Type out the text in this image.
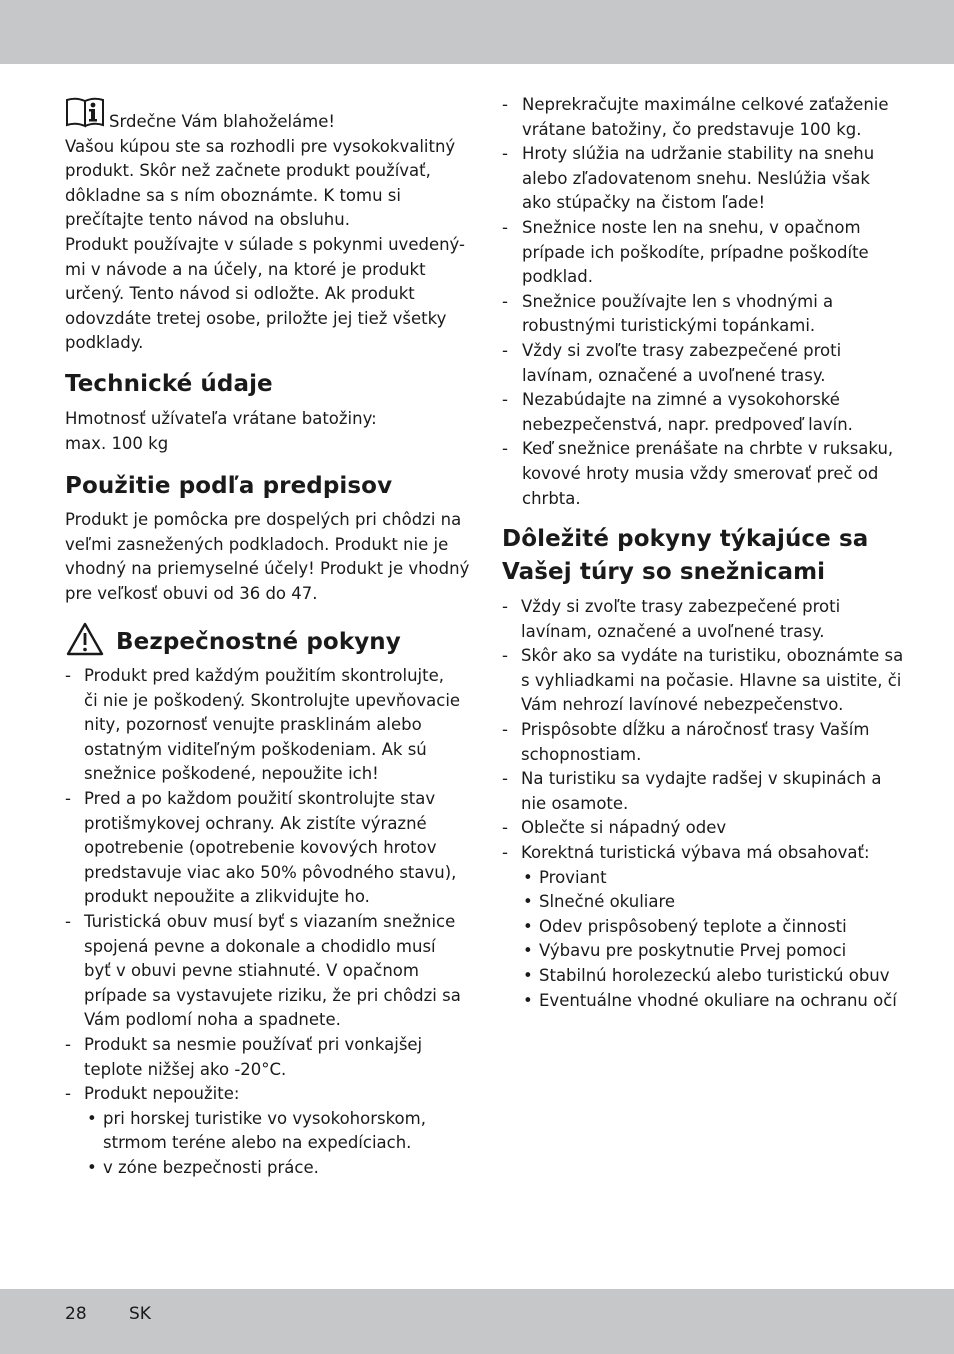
Srdečne Vám blahoželáme!
Vašou kúpou ste sa rozhodli pre vysokokvalitný
produkt. Skôr než začnete produkt používať,
dôkladne sa s ním oboznámte. K tomu si
prečítajte tento návod na obsluhu.
Produkt používajte v súlade s pokynmi uvedený-
mi v návode a na účely, na ktoré je produkt
určený. Tento návod si odložte. Ak produkt
odovzdáte tretej osobe, priložte jej tiež všetky
podklady.
Technické údaje
Hmotnosť užívateľa vrátane batožiny:
max. 100 kg
Použitie podľa predpisov
Produkt je pomôcka pre dospelých pri chôdzi na
veľmi zasnežených podkladoch. Produkt nie je
vhodný na priemyselné účely! Produkt je vhodný
pre veľkosť obuvi od 36 do 47.
Bezpečnostné pokyny
- Produkt pred každým použitím skontrolujte,
či nie je poškodený. Skontrolujte upevňovacie
nity, pozornosť venujte prasklinám alebo
ostatným viditeľným poškodeniam. Ak sú
snežnice poškodené, nepoužite ich!
- Pred a po každom použití skontrolujte stav
protišmykovej ochrany. Ak zistíte výrazné
opotrebenie (opotrebenie kovových hrotov
predstavuje viac ako 50% pôvodného stavu),
produkt nepoužite a zlikvidujte ho.
- Turistická obuv musí byť s viazaním snežnice
spojená pevne a dokonale a chodidlo musí
byť v obuvi pevne stiahnuté. V opačnom
prípade sa vystavujete riziku, že pri chôdzi sa
Vám podlomí noha a spadnete.
- Produkt sa nesmie používať pri vonkajšej
teplote nižšej ako -20°C.
- Produkt nepoužite:
• pri horskej turistike vo vysokohorskom,
strmom teréne alebo na expedíciach.
• v zóne bezpečnosti práce.
- Neprekračujte maximálne celkové zaťaženie
vrátane batožiny, čo predstavuje 100 kg.
- Hroty slúžia na udržanie stability na snehu
alebo zľadovatenom snehu. Neslúžia však
ako stúpačky na čistom ľade!
- Snežnice noste len na snehu, v opačnom
prípade ich poškodíte, prípadne poškodíte
podklad.
- Snežnice používajte len s vhodnými a
robustnými turistickými topánkami.
- Vždy si zvoľte trasy zabezpečené proti
lavínam, označené a uvoľnené trasy.
- Nezabúdajte na zimné a vysokohorské
nebezpečenstvá, napr. predpoveď lavín.
- Keď snežnice prenášate na chrbte v ruksaku,
kovové hroty musia vždy smerovať preč od
chrbta.
Dôležité pokyny týkajúce sa
Vašej túry so snežnicami
- Vždy si zvoľte trasy zabezpečené proti
lavínam, označené a uvoľnené trasy.
- Skôr ako sa vydáte na turistiku, oboznámte sa
s vyhliadkami na počasie. Hlavne sa uistite, či
Vám nehrozí lavínové nebezpečenstvo.
- Prispôsobte dĺžku a náročnosť trasy Vaším
schopnostiam.
- Na turistiku sa vydajte radšej v skupinách a
nie osamote.
- Oblečte si nápadný odev
- Korektná turistická výbava má obsahovať:
• Proviant
• Slnečné okuliare
• Odev prispôsobený teplote a činnosti
• Výbavu pre poskytnutie Prvej pomoci
• Stabilnú horolezeckú alebo turistickú obuv
• Eventuálne vhodné okuliare na ochranu očí
28 SK
